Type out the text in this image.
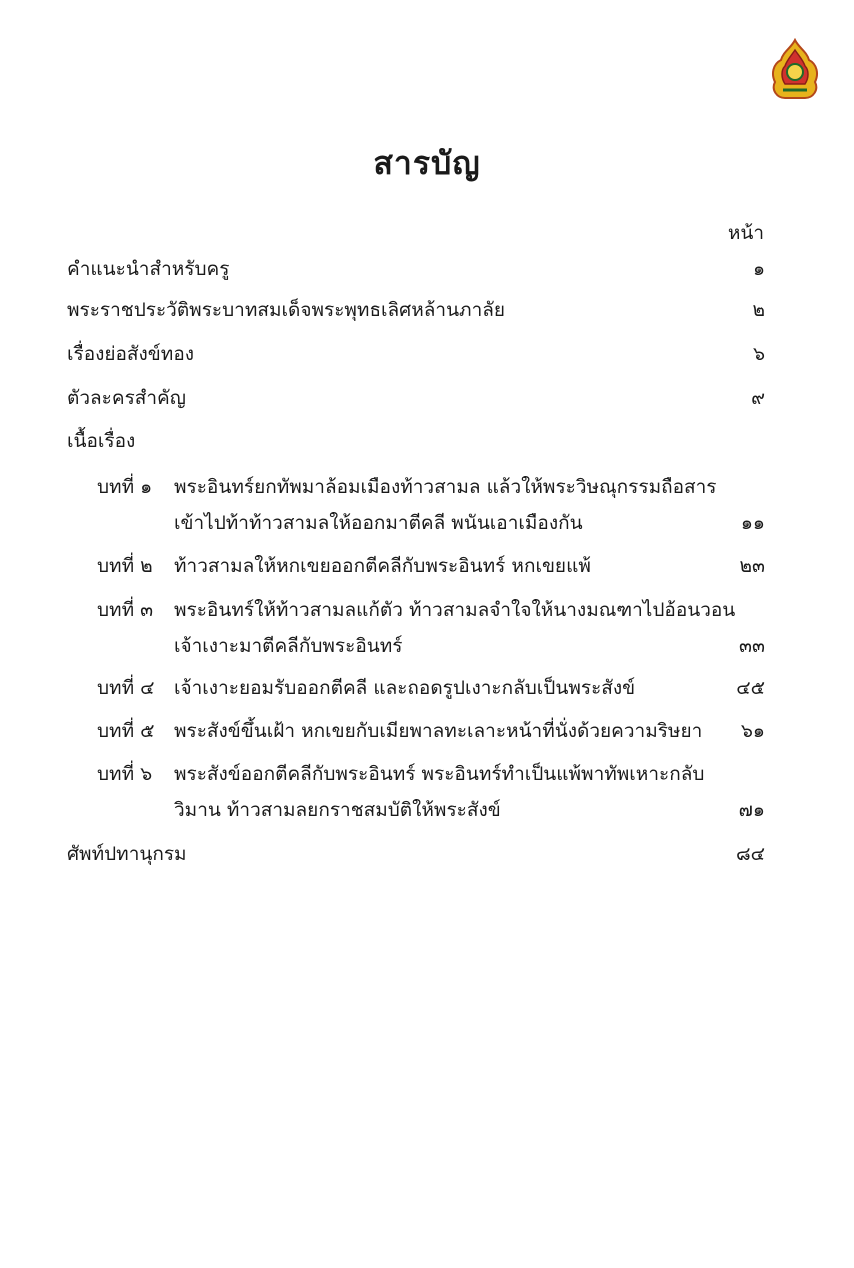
สารบัญ
หน้า
คำแนะนำสำหรับครู	๑
พระราชประวัติพระบาทสมเด็จพระพุทธเลิศหล้านภาลัย	๒
เรื่องย่อสังข์ทอง	๖
ตัวละครสำคัญ	๙
เนื้อเรื่อง
บทที่ ๑ พระอินทร์ยกทัพมาล้อมเมืองท้าวสามล แล้วให้พระวิษณุกรรมถือสาร
เข้าไปท้าท้าวสามลให้ออกมาตีคลี พนันเอาเมืองกัน	๑๑
บทที่ ๒ ท้าวสามลให้หกเขยออกตีคลีกับพระอินทร์ หกเขยแพ้	๒๓
บทที่ ๓ พระอินทร์ให้ท้าวสามลแก้ตัว ท้าวสามลจำใจให้นางมณฑาไปอ้อนวอน
เจ้าเงาะมาตีคลีกับพระอินทร์	๓๓
บทที่ ๔ เจ้าเงาะยอมรับออกตีคลี และถอดรูปเงาะกลับเป็นพระสังข์	๔๕
บทที่ ๕ พระสังข์ขึ้นเฝ้า หกเขยกับเมียพาลทะเลาะหน้าที่นั่งด้วยความริษยา ๖๑
บทที่ ๖ พระสังข์ออกตีคลีกับพระอินทร์ พระอินทร์ทำเป็นแพ้พาทัพเหาะกลับ
วิมาน ท้าวสามลยกราชสมบัติให้พระสังข์	๗๑
ศัพท์ปทานุกรม	๘๔
